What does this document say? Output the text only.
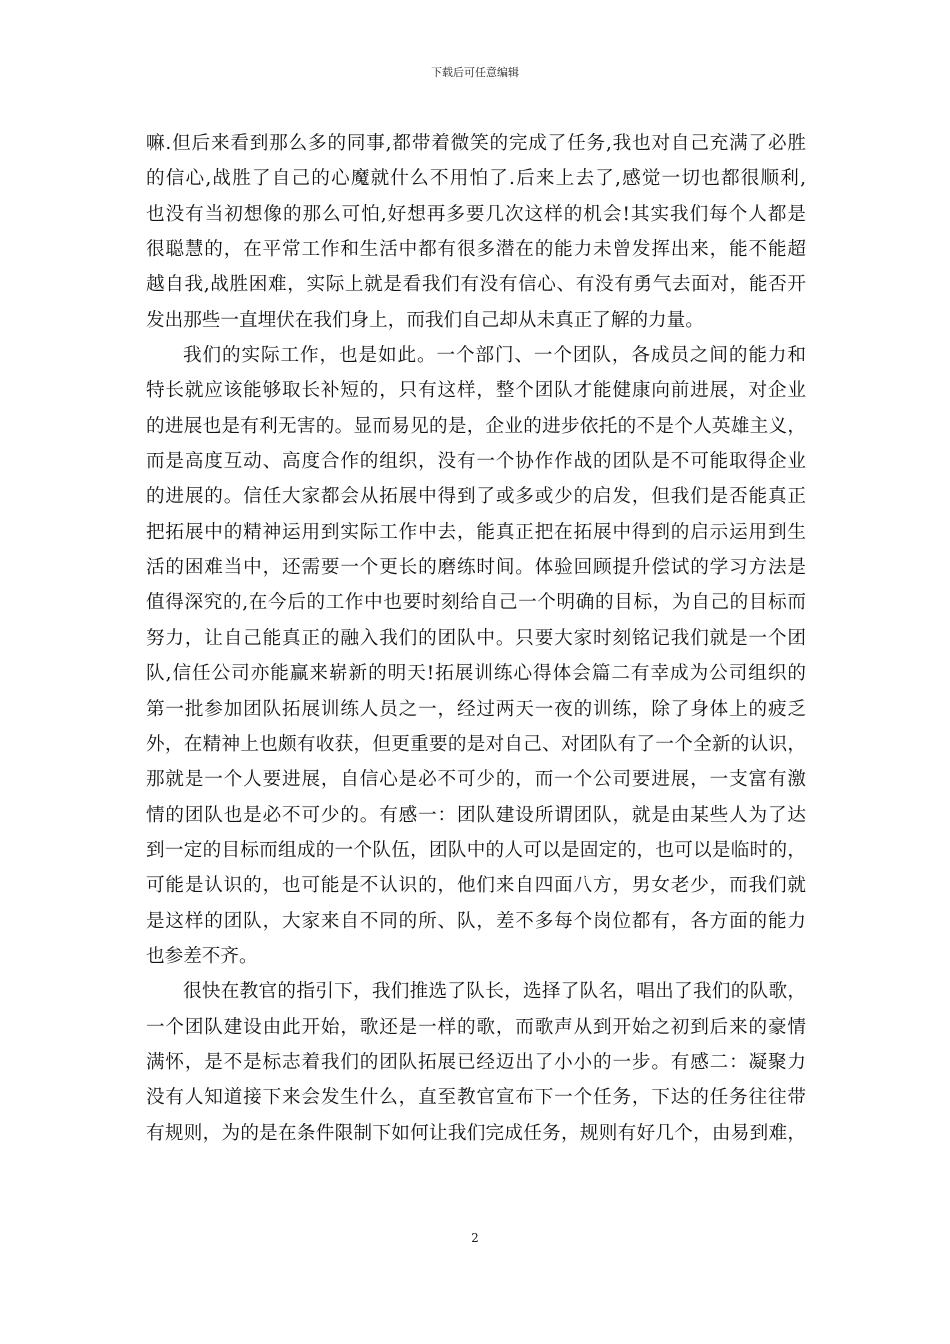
下载后可任意编辑
嘛.但后来看到那么多的同事,都带着微笑的完成了任务,我也对自己充满了必胜
的信心,战胜了自己的心魔就什么不用怕了.后来上去了,感觉一切也都很顺利,
也没有当初想像的那么可怕,好想再多要几次这样的机会!其实我们每个人都是
很聪慧的，在平常工作和生活中都有很多潜在的能力未曾发挥出来，能不能超
越自我,战胜困难，实际上就是看我们有没有信心、有没有勇气去面对，能否开
发出那些一直埋伏在我们身上，而我们自己却从未真正了解的力量。
我们的实际工作，也是如此。一个部门、一个团队，各成员之间的能力和
特长就应该能够取长补短的，只有这样，整个团队才能健康向前进展，对企业
的进展也是有利无害的。显而易见的是，企业的进步依托的不是个人英雄主义，
而是高度互动、高度合作的组织，没有一个协作作战的团队是不可能取得企业
的进展的。信任大家都会从拓展中得到了或多或少的启发，但我们是否能真正
把拓展中的精神运用到实际工作中去，能真正把在拓展中得到的启示运用到生
活的困难当中，还需要一个更长的磨练时间。体验回顾提升偿试的学习方法是
值得深究的,在今后的工作中也要时刻给自己一个明确的目标，为自己的目标而
努力，让自己能真正的融入我们的团队中。只要大家时刻铭记我们就是一个团
队,信任公司亦能赢来崭新的明天!拓展训练心得体会篇二有幸成为公司组织的
第一批参加团队拓展训练人员之一，经过两天一夜的训练，除了身体上的疲乏
外，在精神上也颇有收获，但更重要的是对自己、对团队有了一个全新的认识，
那就是一个人要进展，自信心是必不可少的，而一个公司要进展，一支富有激
情的团队也是必不可少的。有感一：团队建设所谓团队，就是由某些人为了达
到一定的目标而组成的一个队伍，团队中的人可以是固定的，也可以是临时的，
可能是认识的，也可能是不认识的，他们来自四面八方，男女老少，而我们就
是这样的团队，大家来自不同的所、队，差不多每个岗位都有，各方面的能力
也参差不齐。
很快在教官的指引下，我们推选了队长，选择了队名，唱出了我们的队歌，
一个团队建设由此开始，歌还是一样的歌，而歌声从到开始之初到后来的豪情
满怀，是不是标志着我们的团队拓展已经迈出了小小的一步。有感二：凝聚力
没有人知道接下来会发生什么，直至教官宣布下一个任务，下达的任务往往带
有规则，为的是在条件限制下如何让我们完成任务，规则有好几个，由易到难，
2
